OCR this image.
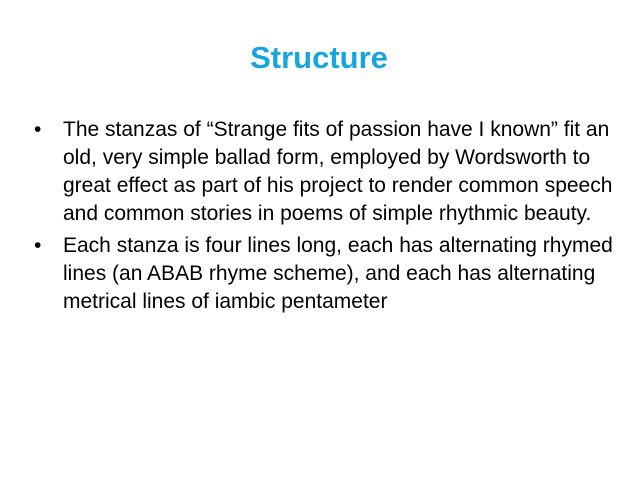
Structure
• The stanzas of “Strange fits of passion have I known” fit an old, very simple ballad form, employed by Wordsworth to great effect as part of his project to render common speech and common stories in poems of simple rhythmic beauty.
• Each stanza is four lines long, each has alternating rhymed lines (an ABAB rhyme scheme), and each has alternating metrical lines of iambic pentameter
